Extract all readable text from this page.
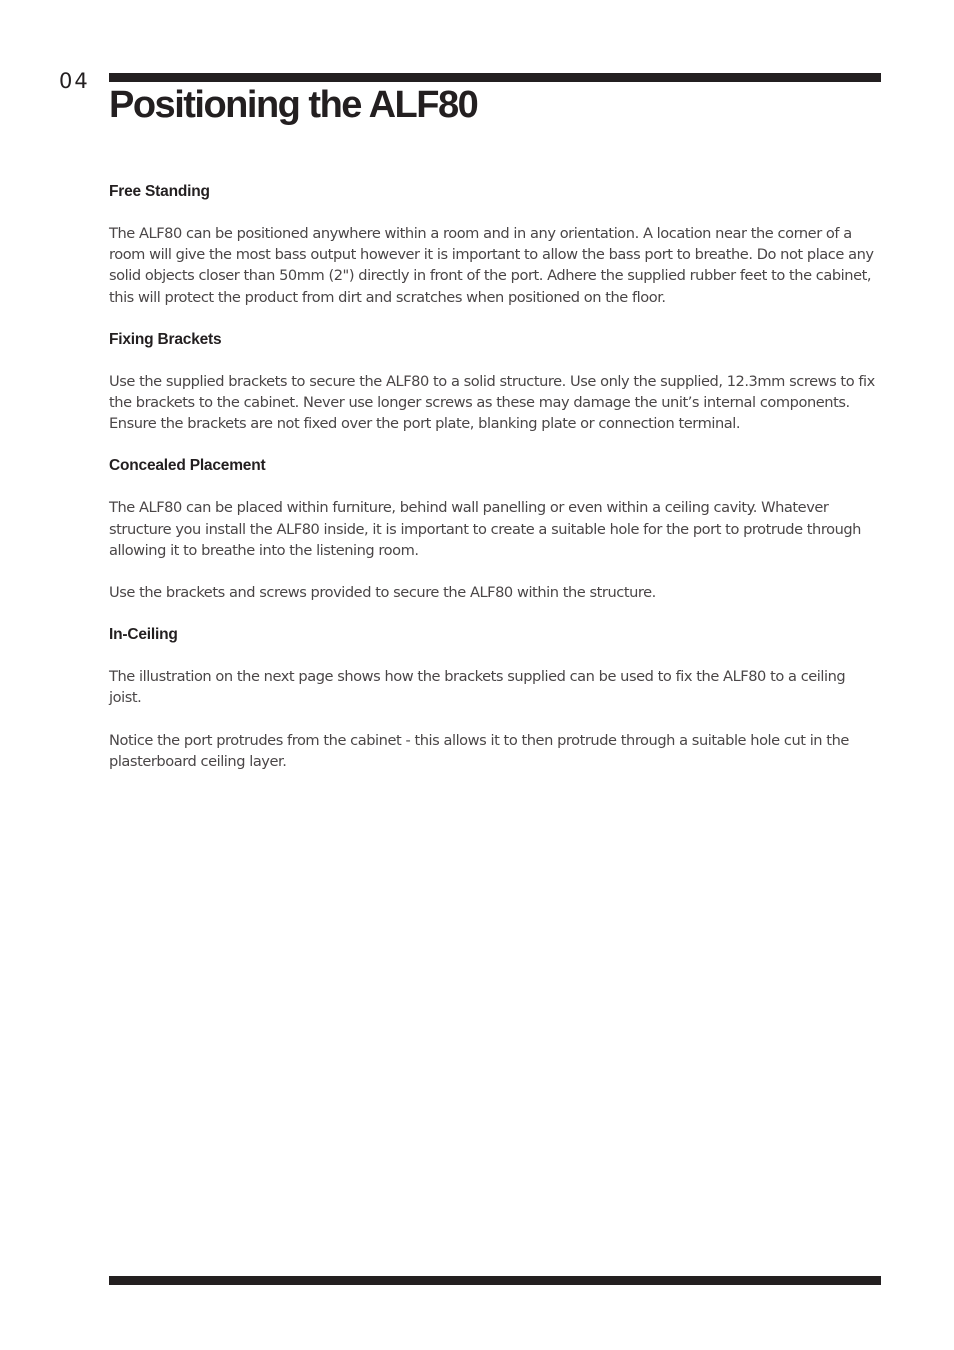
04
Positioning the ALF80
Free Standing

The ALF80 can be positioned anywhere within a room and in any orientation. A location near the corner of a room will give the most bass output however it is important to allow the bass port to breathe. Do not place any solid objects closer than 50mm (2") directly in front of the port. Adhere the supplied rubber feet to the cabinet, this will protect the product from dirt and scratches when positioned on the floor.

Fixing Brackets

Use the supplied brackets to secure the ALF80 to a solid structure. Use only the supplied, 12.3mm screws to fix the brackets to the cabinet. Never use longer screws as these may damage the unit’s internal components. Ensure the brackets are not fixed over the port plate, blanking plate or connection terminal.

Concealed Placement

The ALF80 can be placed within furniture, behind wall panelling or even within a ceiling cavity. Whatever structure you install the ALF80 inside, it is important to create a suitable hole for the port to protrude through allowing it to breathe into the listening room.

Use the brackets and screws provided to secure the ALF80 within the structure.

In-Ceiling

The illustration on the next page shows how the brackets supplied can be used to fix the ALF80 to a ceiling joist.

Notice the port protrudes from the cabinet - this allows it to then protrude through a suitable hole cut in the plasterboard ceiling layer.
